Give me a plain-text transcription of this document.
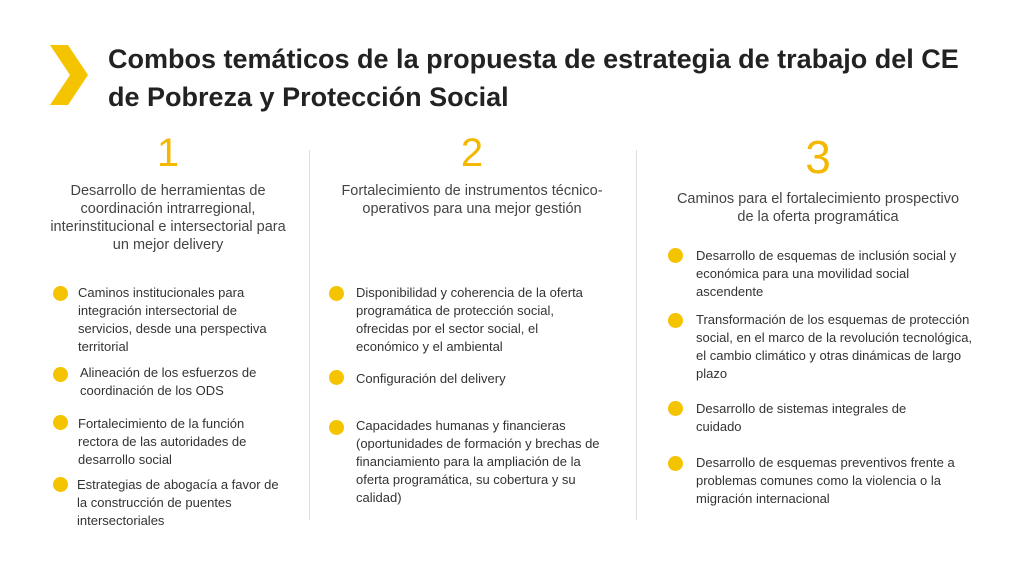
Combos temáticos de la propuesta de estrategia de trabajo del CE de Pobreza y Protección Social
1
Desarrollo de herramientas de coordinación intrarregional, interinstitucional e intersectorial para un mejor delivery
Caminos institucionales para integración intersectorial de servicios, desde una perspectiva territorial
Alineación de los esfuerzos de coordinación de los ODS
Fortalecimiento de la función rectora de las autoridades de desarrollo social
Estrategias de abogacía a favor de la construcción de puentes intersectoriales
2
Fortalecimiento de instrumentos técnico-operativos para una mejor gestión
Disponibilidad y coherencia de la oferta programática de protección social, ofrecidas por el sector social, el económico y el ambiental
Configuración del delivery
Capacidades humanas y financieras (oportunidades de formación y brechas de financiamiento para la ampliación de la oferta programática, su cobertura y su calidad)
3
Caminos para el fortalecimiento prospectivo de la oferta programática
Desarrollo de esquemas de inclusión social y económica para una movilidad social ascendente
Transformación de los esquemas de protección social, en el marco de la revolución tecnológica, el cambio climático y otras dinámicas de largo plazo
Desarrollo de sistemas integrales de cuidado
Desarrollo de esquemas preventivos frente a problemas comunes como la violencia o la migración internacional
